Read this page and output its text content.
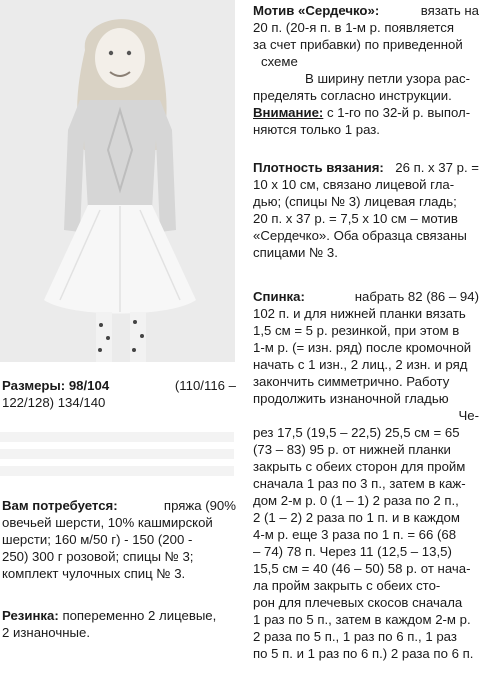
Размеры: 98/104	(110/116 –
122/128) 134/140
Вам потребуется:	пряжа (90%
овечьей шерсти, 10% кашмирской
шерсти; 160 м/50 г) - 150 (200 -
250) 300 г розовой; спицы № 3;
комплект чулочных спиц № 3.
Резинка: попеременно 2 лицевые,
2 изнаночные.
Мотив «Сердечко»:	вязать на
20 п. (20-я п. в 1-м р. появляется
за счет прибавки) по приведенной
схеме
В ширину петли узора рас-
пределять согласно инструкции.
Внимание: с 1-го по 32-й р. выпол-
няются только 1 раз.
Плотность вязания: 26 п. х 37 р. =
10 х 10 см, связано лицевой гла-
дью; (спицы № 3) лицевая гладь;
20 п. х 37 р. = 7,5 х 10 см – мотив
«Сердечко». Оба образца связаны
спицами № 3.
Спинка:	набрать 82 (86 – 94)
102 п. и для нижней планки вязать
1,5 см = 5 р. резинкой, при этом в
1-м р. (= изн. ряд) после кромочной
начать с 1 изн., 2 лиц., 2 изн. и ряд
закончить симметрично. Работу
продолжить изнаночной гладью
Че-
рез 17,5 (19,5 – 22,5) 25,5 см = 65
(73 – 83) 95 р. от нижней планки
закрыть с обеих сторон для пройм
сначала 1 раз по 3 п., затем в каж-
дом 2-м р. 0 (1 – 1) 2 раза по 2 п.,
2 (1 – 2) 2 раза по 1 п. и в каждом
4-м р. еще 3 раза по 1 п. = 66 (68
– 74) 78 п. Через 11 (12,5 – 13,5)
15,5 см = 40 (46 – 50) 58 р. от нача-
ла пройм закрыть с обеих сто-
рон для плечевых скосов сначала
1 раз по 5 п., затем в каждом 2-м р.
2 раза по 5 п., 1 раз по 6 п., 1 раз
по 5 п. и 1 раз по 6 п.) 2 раза по 6 п.
